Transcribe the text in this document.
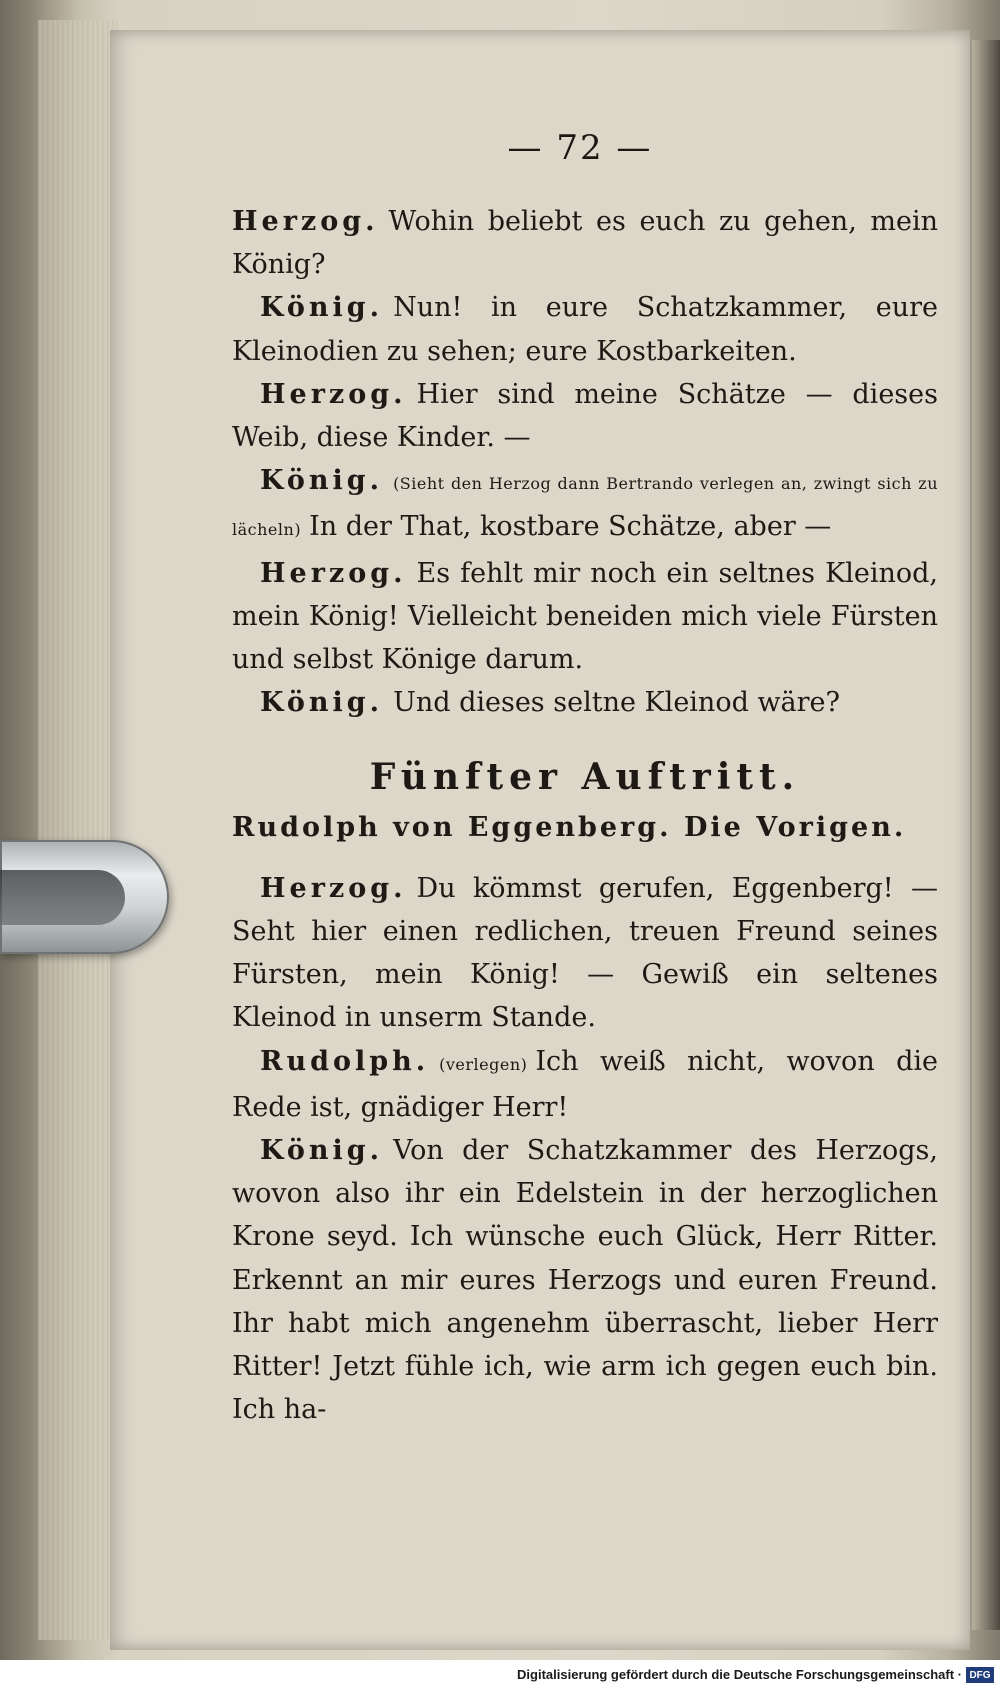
— 72 —

Herzog. Wohin beliebt es euch zu gehen, mein König?

König. Nun! in eure Schatzkammer, eure Kleinodien zu sehen; eure Kostbarkeiten.

Herzog. Hier sind meine Schätze — dieses Weib, diese Kinder. —

König. (Sieht den Herzog dann Bertrando verlegen an, zwingt sich zu lächeln) In der That, kostbare Schätze, aber —

Herzog. Es fehlt mir noch ein seltnes Kleinod, mein König! Vielleicht beneiden mich viele Fürsten und selbst Könige darum.

König. Und dieses seltne Kleinod wäre?

Fünfter Auftritt.
Rudolph von Eggenberg. Die Vorigen.

Herzog. Du kömmst gerufen, Eggenberg! — Seht hier einen redlichen, treuen Freund seines Fürsten, mein König! — Gewiß ein seltenes Kleinod in unserm Stande.

Rudolph. (verlegen) Ich weiß nicht, wovon die Rede ist, gnädiger Herr!

König. Von der Schatzkammer des Herzogs, wovon also ihr ein Edelstein in der herzoglichen Krone seyd. Ich wünsche euch Glück, Herr Ritter. Erkennt an mir eures Herzogs und euren Freund. Ihr habt mich angenehm überrascht, lieber Herr Ritter! Jetzt fühle ich, wie arm ich gegen euch bin. Ich ha-

Digitalisierung gefördert durch die Deutsche Forschungsgemeinschaft · DFG
